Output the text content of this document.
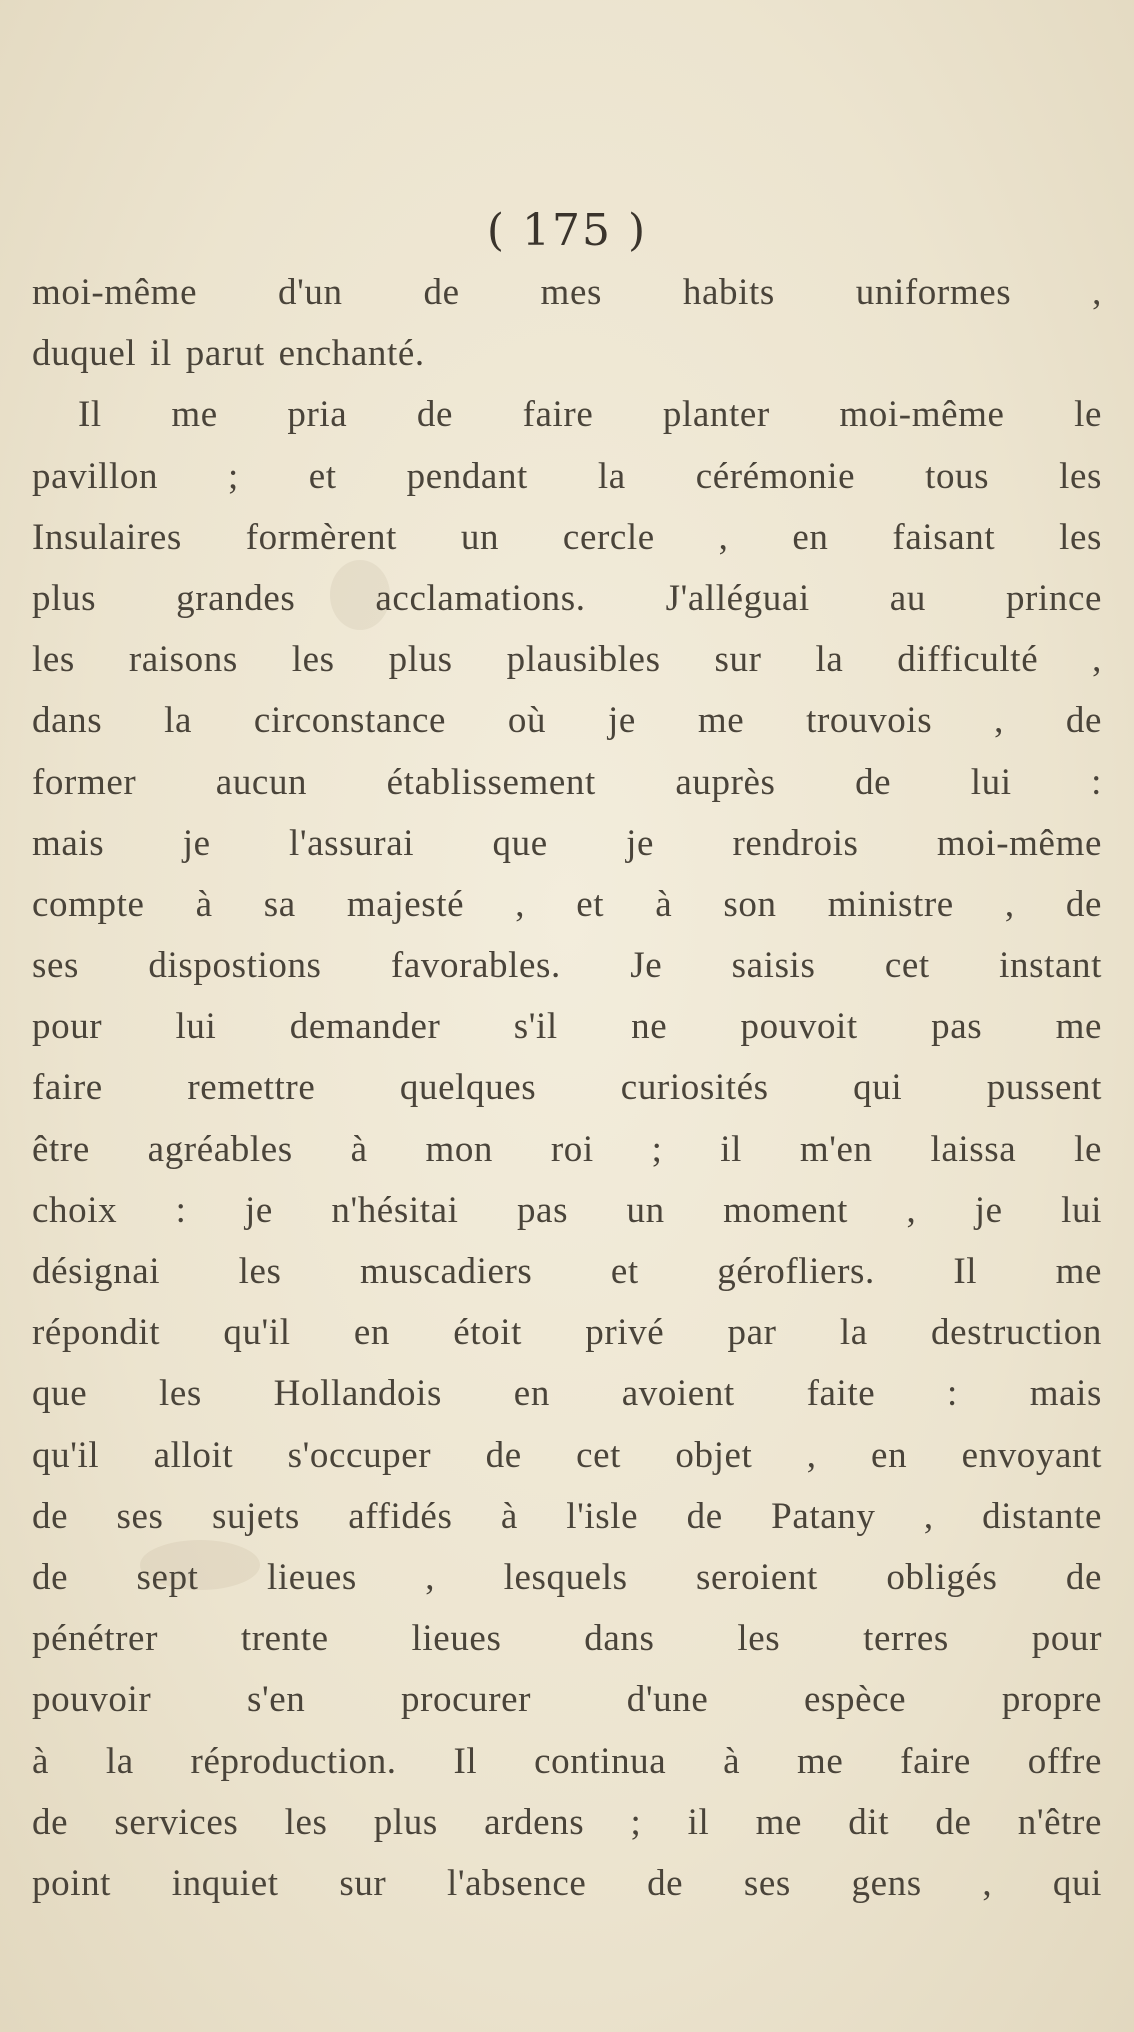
( 175 )
moi-même d'un de mes habits uniformes ,
duquel il parut enchanté.
Il me pria de faire planter moi-même le
pavillon ; et pendant la cérémonie tous les
Insulaires formèrent un cercle , en faisant les
plus grandes acclamations. J'alléguai au prince
les raisons les plus plausibles sur la difficulté ,
dans la circonstance où je me trouvois , de
former aucun établissement auprès de lui :
mais je l'assurai que je rendrois moi-même
compte à sa majesté , et à son ministre , de
ses dispostions favorables. Je saisis cet instant
pour lui demander s'il ne pouvoit pas me
faire remettre quelques curiosités qui pussent
être agréables à mon roi ; il m'en laissa le
choix : je n'hésitai pas un moment , je lui
désignai les muscadiers et gérofliers. Il me
répondit qu'il en étoit privé par la destruction
que les Hollandois en avoient faite : mais
qu'il alloit s'occuper de cet objet , en envoyant
de ses sujets affidés à l'isle de Patany , distante
de sept lieues , lesquels seroient obligés de
pénétrer trente lieues dans les terres pour
pouvoir s'en procurer d'une espèce propre
à la réproduction. Il continua à me faire offre
de services les plus ardens ; il me dit de n'être
point inquiet sur l'absence de ses gens , qui
